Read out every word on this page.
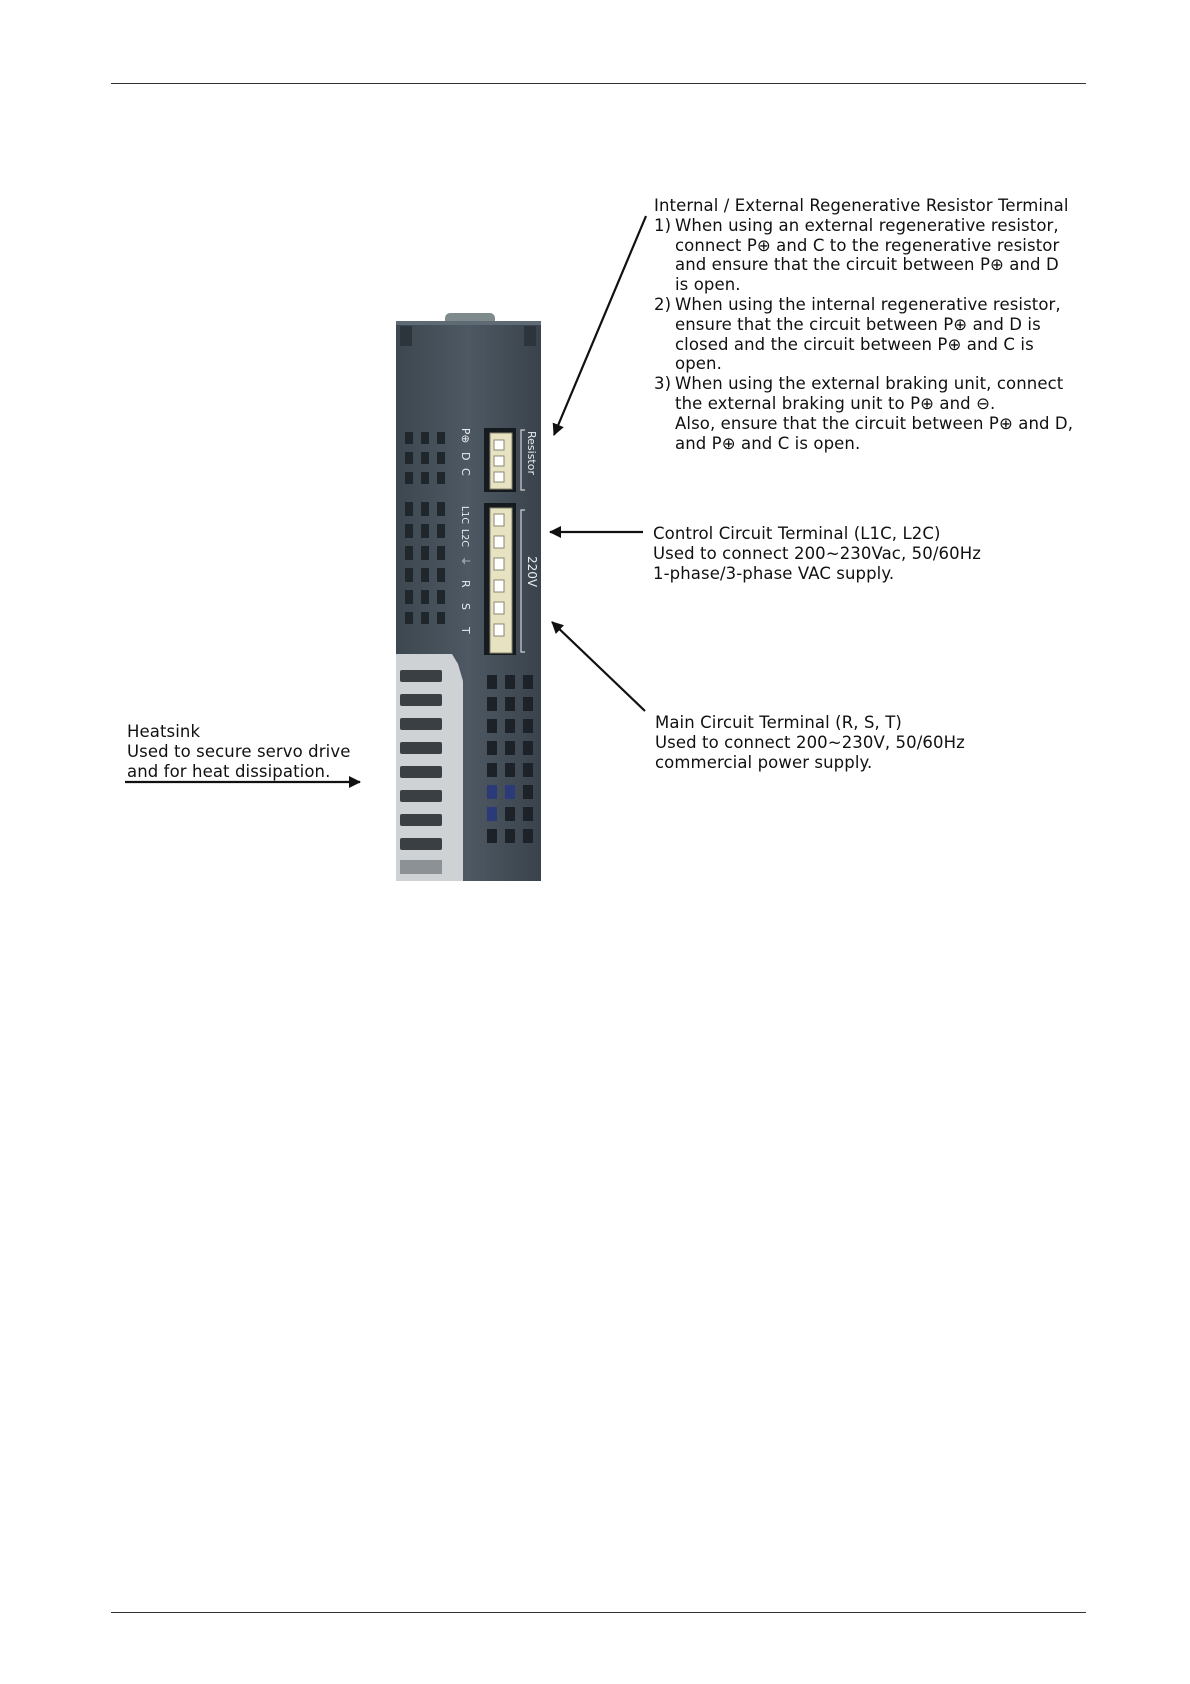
Resistor
220V
P⊕
D
C
L1C
L2C
⏚
R
S
T
Internal / External Regenerative Resistor Terminal
1) When using an external regenerative resistor,
connect P⊕ and C to the regenerative resistor
and ensure that the circuit between P⊕ and D
is open.
2) When using the internal regenerative resistor,
ensure that the circuit between P⊕ and D is
closed and the circuit between P⊕ and C is
open.
3) When using the external braking unit, connect
the external braking unit to P⊕ and ⊖.
Also, ensure that the circuit between P⊕ and D,
and P⊕ and C is open.
Control Circuit Terminal (L1C, L2C)
Used to connect 200~230Vac, 50/60Hz
1-phase/3-phase VAC supply.
Main Circuit Terminal (R, S, T)
Used to connect 200~230V, 50/60Hz
commercial power supply.
Heatsink
Used to secure servo drive
and for heat dissipation.
